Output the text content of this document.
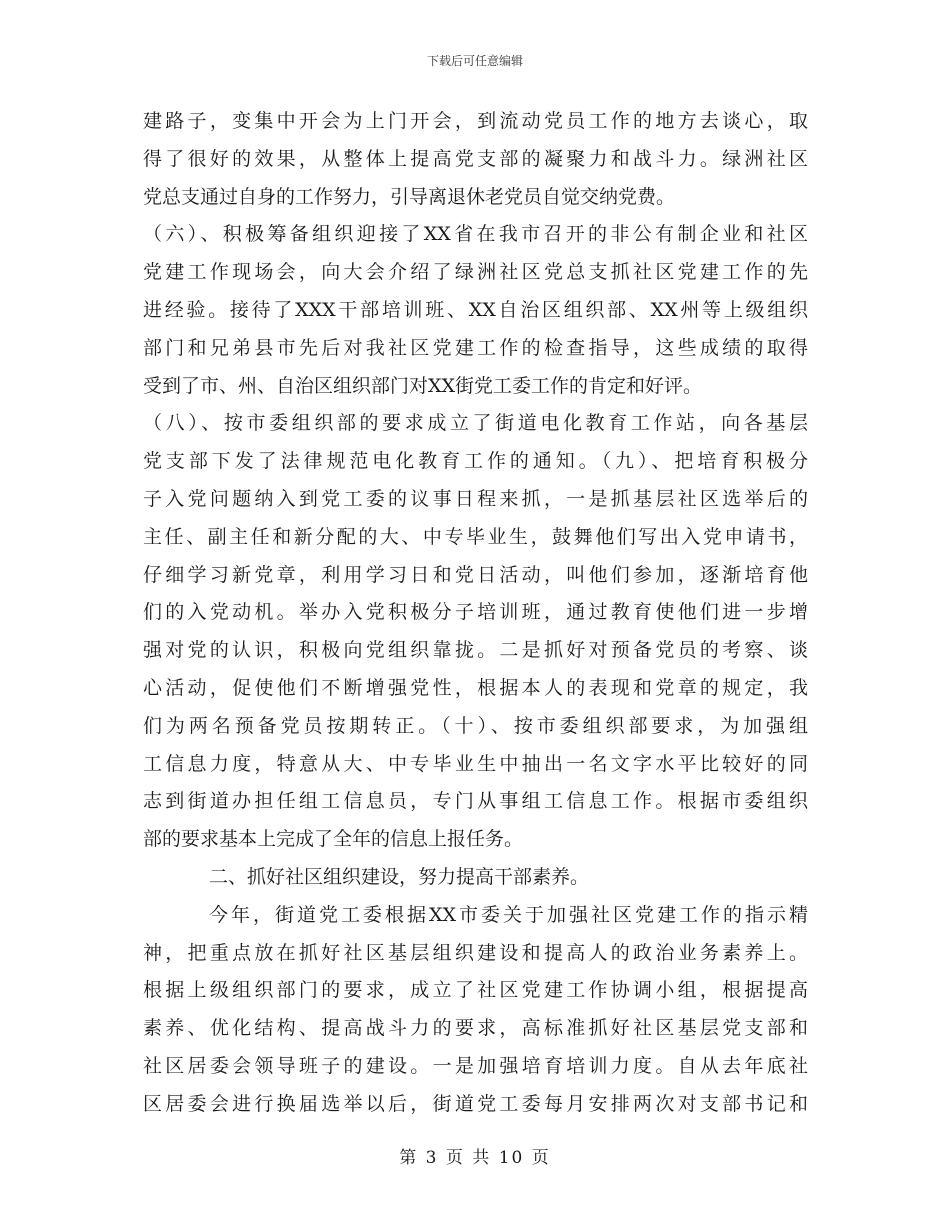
下载后可任意编辑
建路子，变集中开会为上门开会，到流动党员工作的地方去谈心，取
得了很好的效果，从整体上提高党支部的凝聚力和战斗力。绿洲社区
党总支通过自身的工作努力，引导离退休老党员自觉交纳党费。
（六）、积极筹备组织迎接了XX省在我市召开的非公有制企业和社区
党建工作现场会，向大会介绍了绿洲社区党总支抓社区党建工作的先
进经验。接待了XXX干部培训班、XX自治区组织部、XX州等上级组织
部门和兄弟县市先后对我社区党建工作的检查指导，这些成绩的取得
受到了市、州、自治区组织部门对XX街党工委工作的肯定和好评。
（八）、按市委组织部的要求成立了街道电化教育工作站，向各基层
党支部下发了法律规范电化教育工作的通知。（九）、把培育积极分
子入党问题纳入到党工委的议事日程来抓，一是抓基层社区选举后的
主任、副主任和新分配的大、中专毕业生，鼓舞他们写出入党申请书，
仔细学习新党章，利用学习日和党日活动，叫他们参加，逐渐培育他
们的入党动机。举办入党积极分子培训班，通过教育使他们进一步增
强对党的认识，积极向党组织靠拢。二是抓好对预备党员的考察、谈
心活动，促使他们不断增强党性，根据本人的表现和党章的规定，我
们为两名预备党员按期转正。（十）、按市委组织部要求，为加强组
工信息力度，特意从大、中专毕业生中抽出一名文字水平比较好的同
志到街道办担任组工信息员，专门从事组工信息工作。根据市委组织
部的要求基本上完成了全年的信息上报任务。
二、抓好社区组织建设，努力提高干部素养。
今年，街道党工委根据XX市委关于加强社区党建工作的指示精
神，把重点放在抓好社区基层组织建设和提高人的政治业务素养上。
根据上级组织部门的要求，成立了社区党建工作协调小组，根据提高
素养、优化结构、提高战斗力的要求，高标准抓好社区基层党支部和
社区居委会领导班子的建设。一是加强培育培训力度。自从去年底社
区居委会进行换届选举以后，街道党工委每月安排两次对支部书记和
第 3 页 共 10 页
